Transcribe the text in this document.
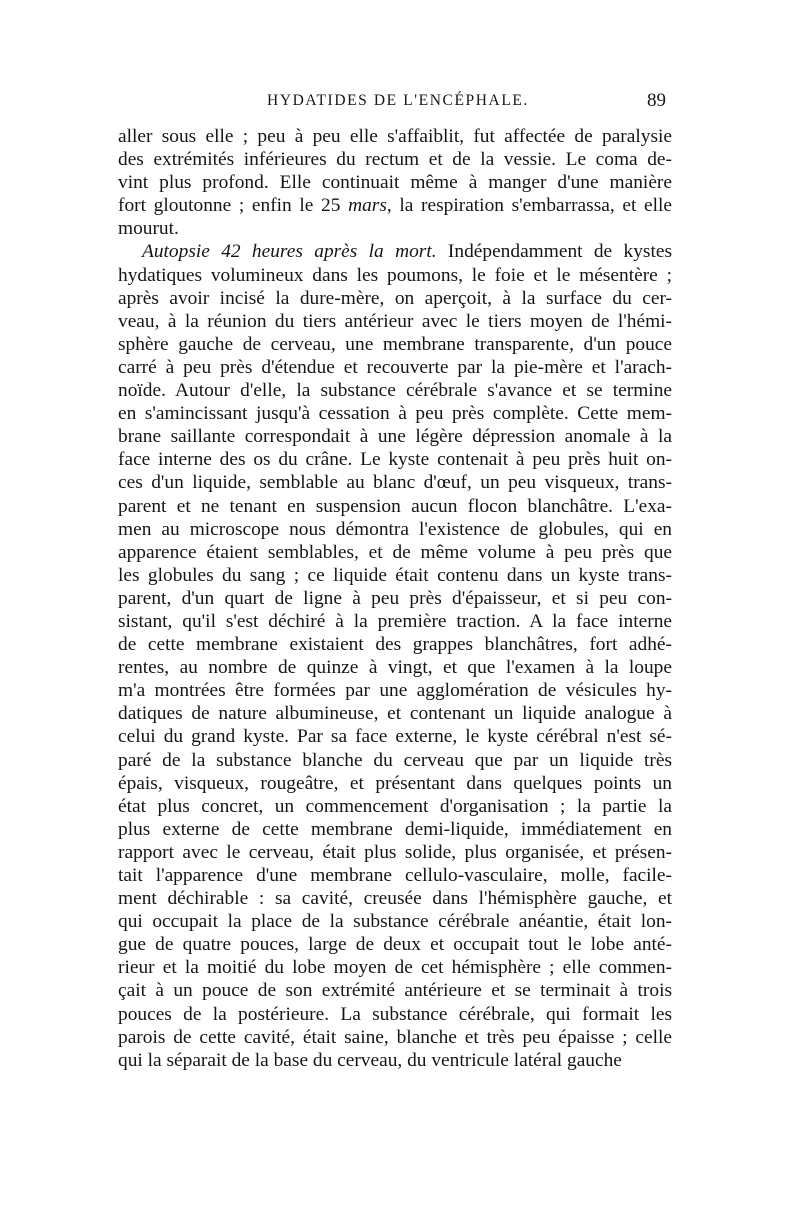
HYDATIDES DE L'ENCÉPHALE.	89
aller sous elle ; peu à peu elle s'affaiblit, fut affectée de paralysie
des extrémités inférieures du rectum et de la vessie. Le coma de-
vint plus profond. Elle continuait même à manger d'une manière
fort gloutonne ; enfin le 25 mars, la respiration s'embarrassa, et elle
mourut.
Autopsie 42 heures après la mort. Indépendamment de kystes
hydatiques volumineux dans les poumons, le foie et le mésentère ;
après avoir incisé la dure-mère, on aperçoit, à la surface du cer-
veau, à la réunion du tiers antérieur avec le tiers moyen de l'hémi-
sphère gauche de cerveau, une membrane transparente, d'un pouce
carré à peu près d'étendue et recouverte par la pie-mère et l'arach-
noïde. Autour d'elle, la substance cérébrale s'avance et se termine
en s'amincissant jusqu'à cessation à peu près complète. Cette mem-
brane saillante correspondait à une légère dépression anomale à la
face interne des os du crâne. Le kyste contenait à peu près huit on-
ces d'un liquide, semblable au blanc d'œuf, un peu visqueux, trans-
parent et ne tenant en suspension aucun flocon blanchâtre. L'exa-
men au microscope nous démontra l'existence de globules, qui en
apparence étaient semblables, et de même volume à peu près que
les globules du sang ; ce liquide était contenu dans un kyste trans-
parent, d'un quart de ligne à peu près d'épaisseur, et si peu con-
sistant, qu'il s'est déchiré à la première traction. A la face interne
de cette membrane existaient des grappes blanchâtres, fort adhé-
rentes, au nombre de quinze à vingt, et que l'examen à la loupe
m'a montrées être formées par une agglomération de vésicules hy-
datiques de nature albumineuse, et contenant un liquide analogue à
celui du grand kyste. Par sa face externe, le kyste cérébral n'est sé-
paré de la substance blanche du cerveau que par un liquide très
épais, visqueux, rougeâtre, et présentant dans quelques points un
état plus concret, un commencement d'organisation ; la partie la
plus externe de cette membrane demi-liquide, immédiatement en
rapport avec le cerveau, était plus solide, plus organisée, et présen-
tait l'apparence d'une membrane cellulo-vasculaire, molle, facile-
ment déchirable : sa cavité, creusée dans l'hémisphère gauche, et
qui occupait la place de la substance cérébrale anéantie, était lon-
gue de quatre pouces, large de deux et occupait tout le lobe anté-
rieur et la moitié du lobe moyen de cet hémisphère ; elle commen-
çait à un pouce de son extrémité antérieure et se terminait à trois
pouces de la postérieure. La substance cérébrale, qui formait les
parois de cette cavité, était saine, blanche et très peu épaisse ; celle
qui la séparait de la base du cerveau, du ventricule latéral gauche
